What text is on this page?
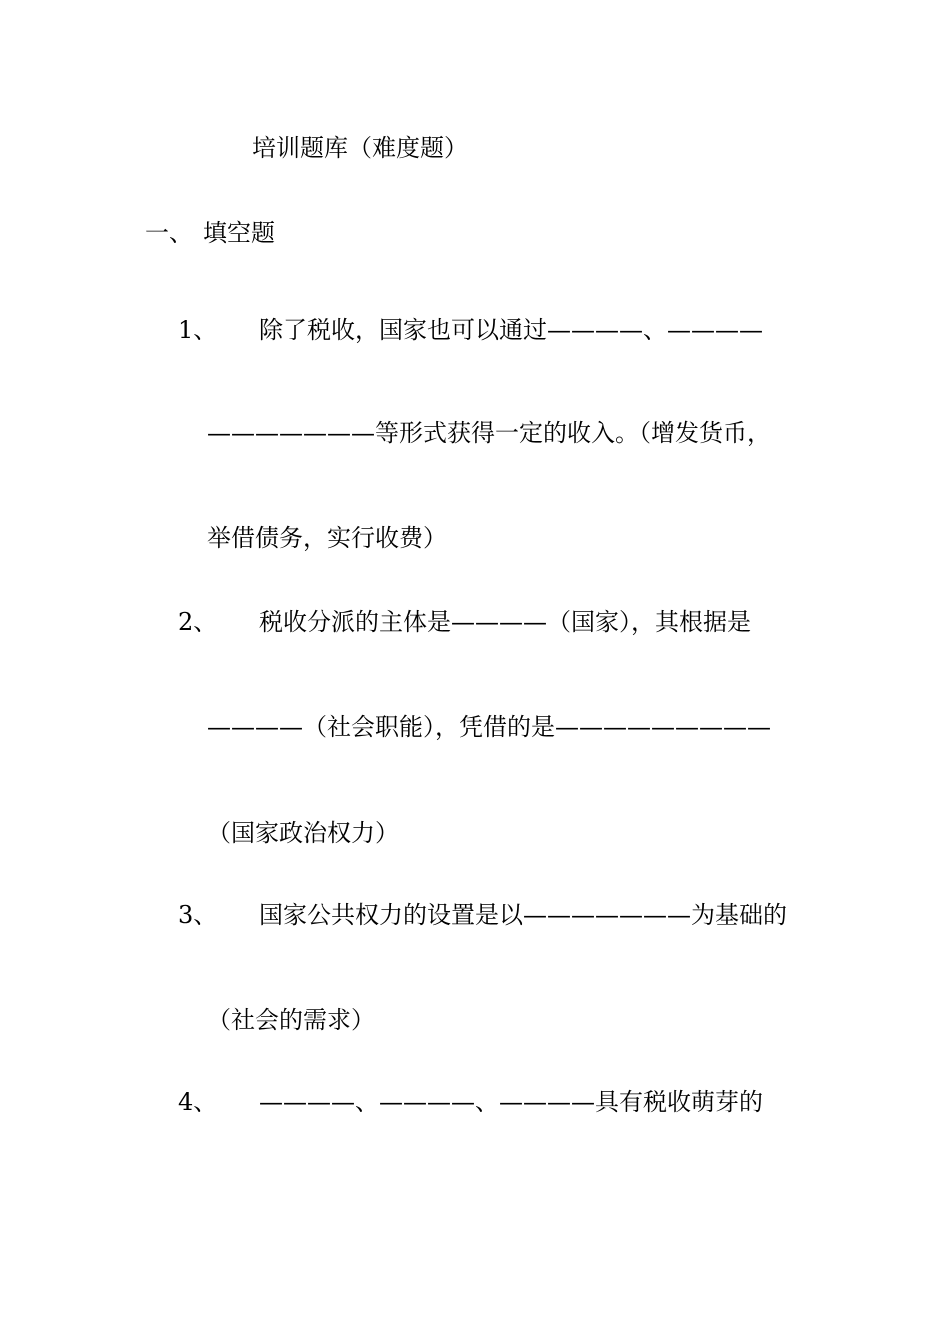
培训题库（难度题）
一、 填空题
1、 除了税收，国家也可以通过————、————
———————等形式获得一定的收入。（增发货币，
举借债务，实行收费）
2、 税收分派的主体是————（国家），其根据是
————（社会职能），凭借的是—————————
（国家政治权力）
3、 国家公共权力的设置是以———————为基础的
（社会的需求）
4、 ————、————、————具有税收萌芽的
